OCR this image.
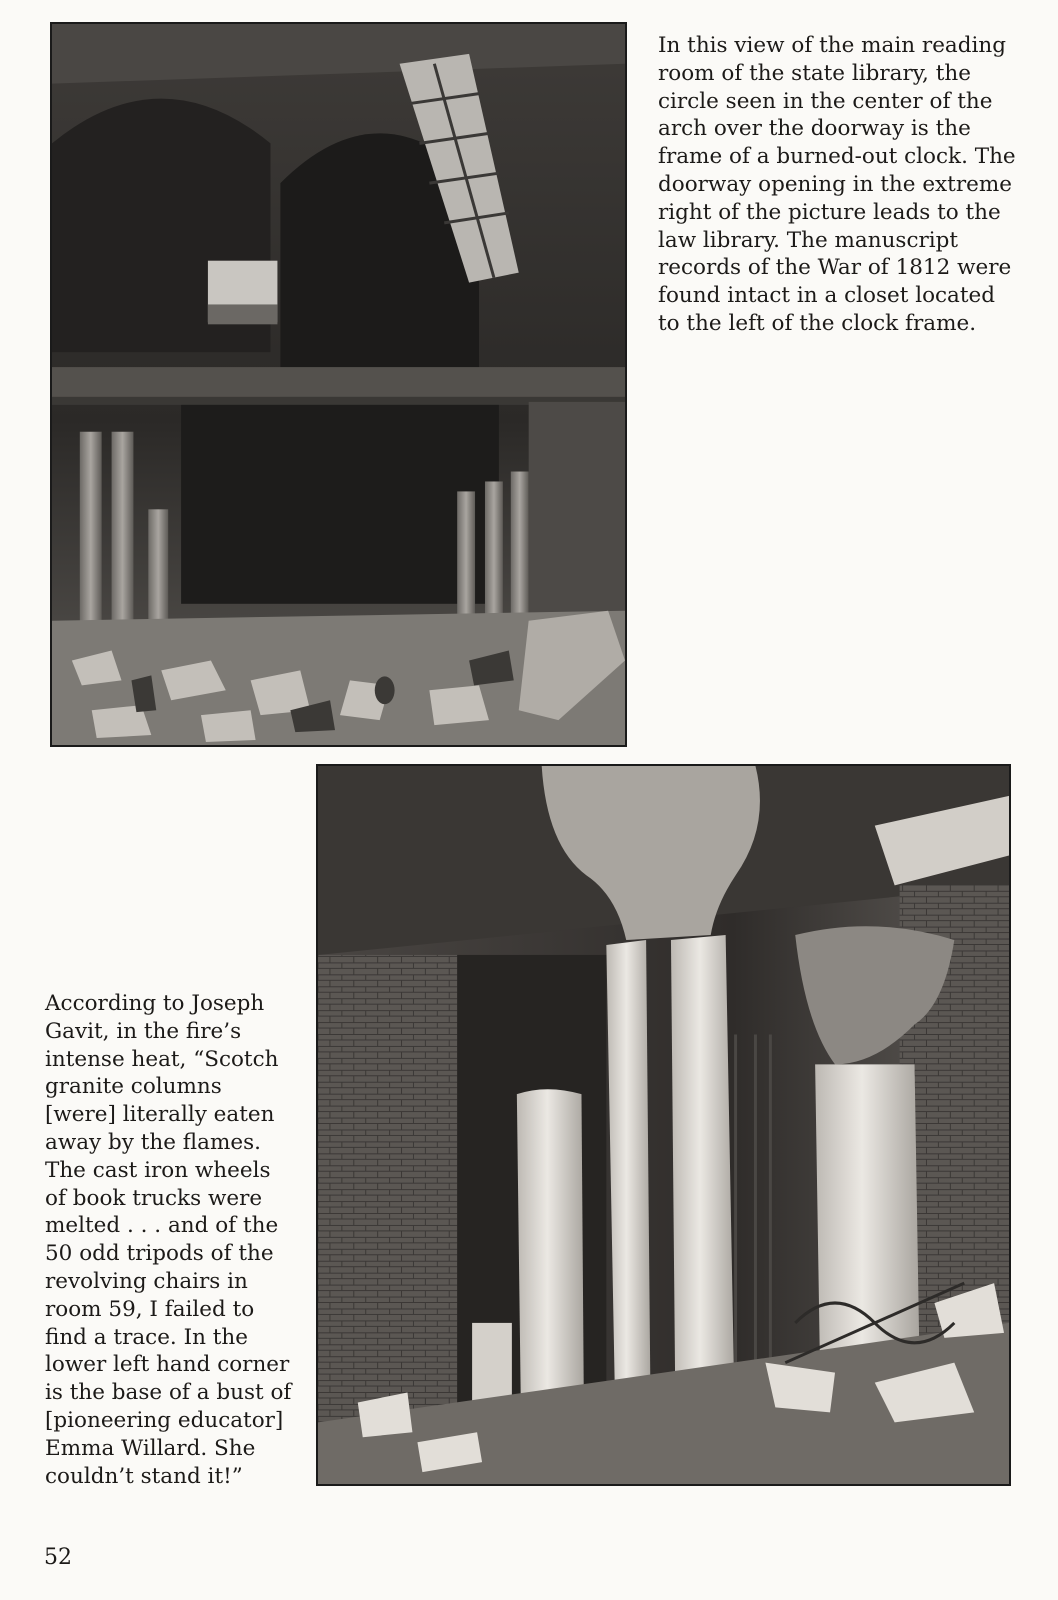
In this view of the main reading
room of the state library, the
circle seen in the center of the
arch over the doorway is the
frame of a burned-out clock. The
doorway opening in the extreme
right of the picture leads to the
law library. The manuscript
records of the War of 1812 were
found intact in a closet located
to the left of the clock frame.

According to Joseph
Gavit, in the fire’s
intense heat, “Scotch
granite columns
[were] literally eaten
away by the flames.
The cast iron wheels
of book trucks were
melted . . . and of the
50 odd tripods of the
revolving chairs in
room 59, I failed to
find a trace. In the
lower left hand corner
is the base of a bust of
[pioneering educator]
Emma Willard. She
couldn’t stand it!”

52
